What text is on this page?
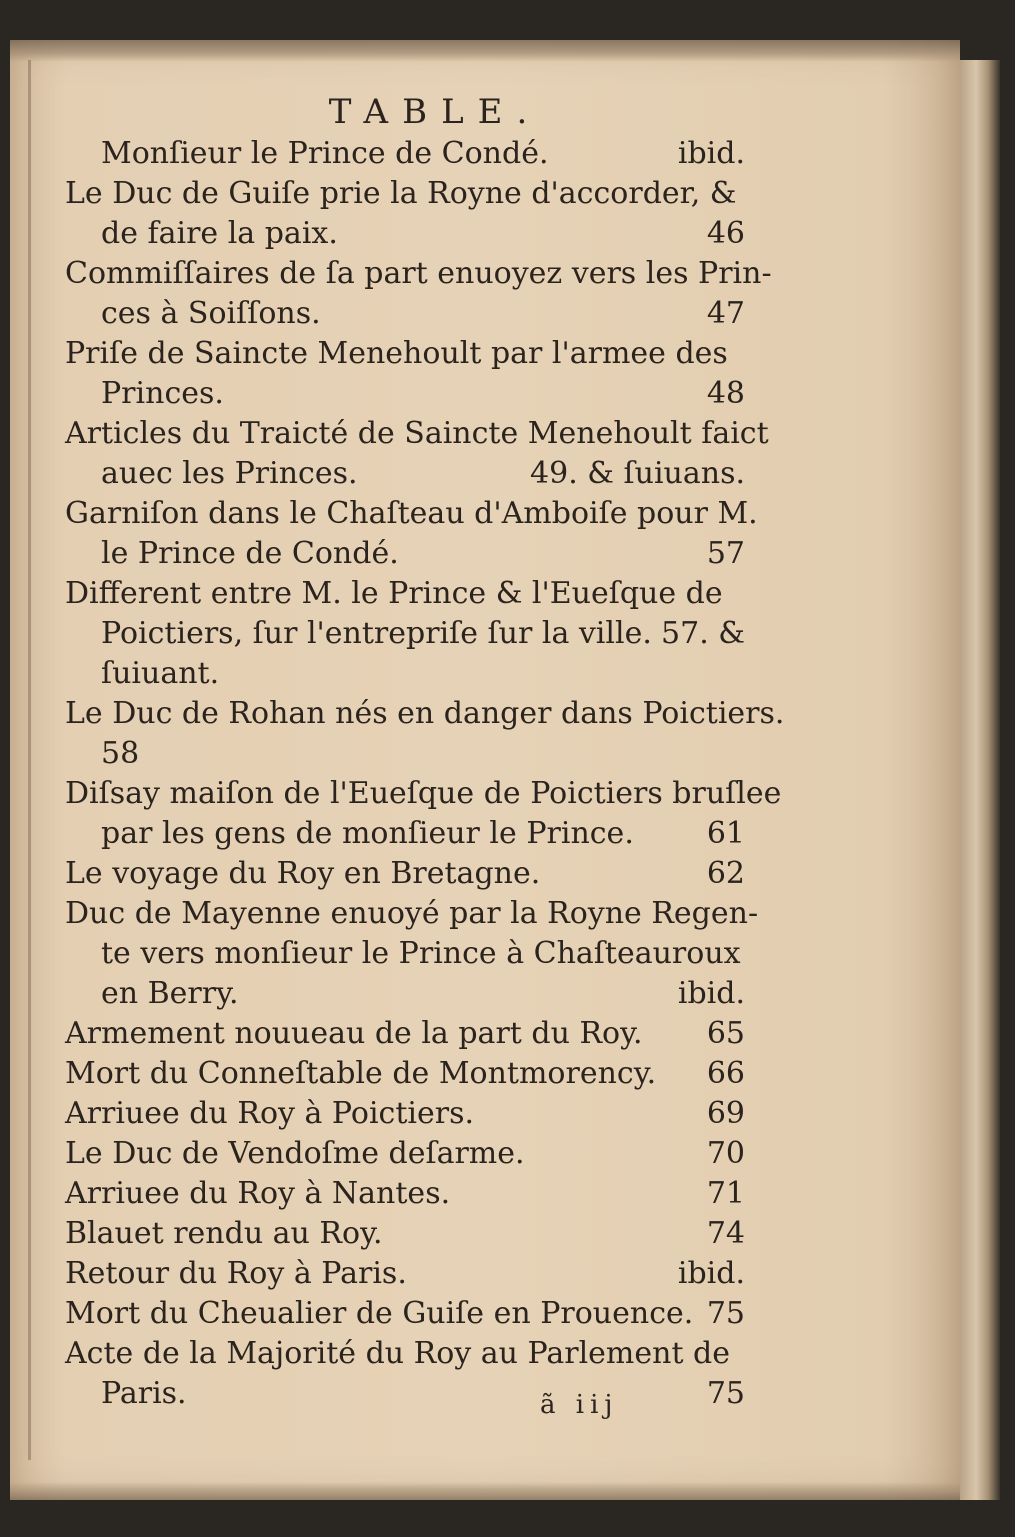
TABLE.
Monſieur le Prince de Condé.	ibid.
Le Duc de Guiſe prie la Royne d'accorder, &
de faire la paix.	46
Commiſſaires de ſa part enuoyez vers les Prin-
ces à Soiſſons.	47
Priſe de Saincte Menehoult par l'armee des
Princes.	48
Articles du Traicté de Saincte Menehoult faict
auec les Princes.	49. & ſuiuans.
Garniſon dans le Chaſteau d'Amboiſe pour M.
le Prince de Condé.	57
Different entre M. le Prince & l'Eueſque de
Poictiers, ſur l'entrepriſe ſur la ville. 57. &
ſuiuant.
Le Duc de Rohan nés en danger dans Poictiers.
58
Diſsay maiſon de l'Eueſque de Poictiers bruſlee
par les gens de monſieur le Prince. 61
Le voyage du Roy en Bretagne.	62
Duc de Mayenne enuoyé par la Royne Regen-
te vers monſieur le Prince à Chaſteauroux
en Berry.	ibid.
Armement nouueau de la part du Roy. 65
Mort du Conneſtable de Montmorency. 66
Arriuee du Roy à Poictiers.	69
Le Duc de Vendoſme deſarme.	70
Arriuee du Roy à Nantes.	71
Blauet rendu au Roy.	74
Retour du Roy à Paris.	ibid.
Mort du Cheualier de Guiſe en Prouence. 75
Acte de la Majorité du Roy au Parlement de
Paris.	75
ã iij
